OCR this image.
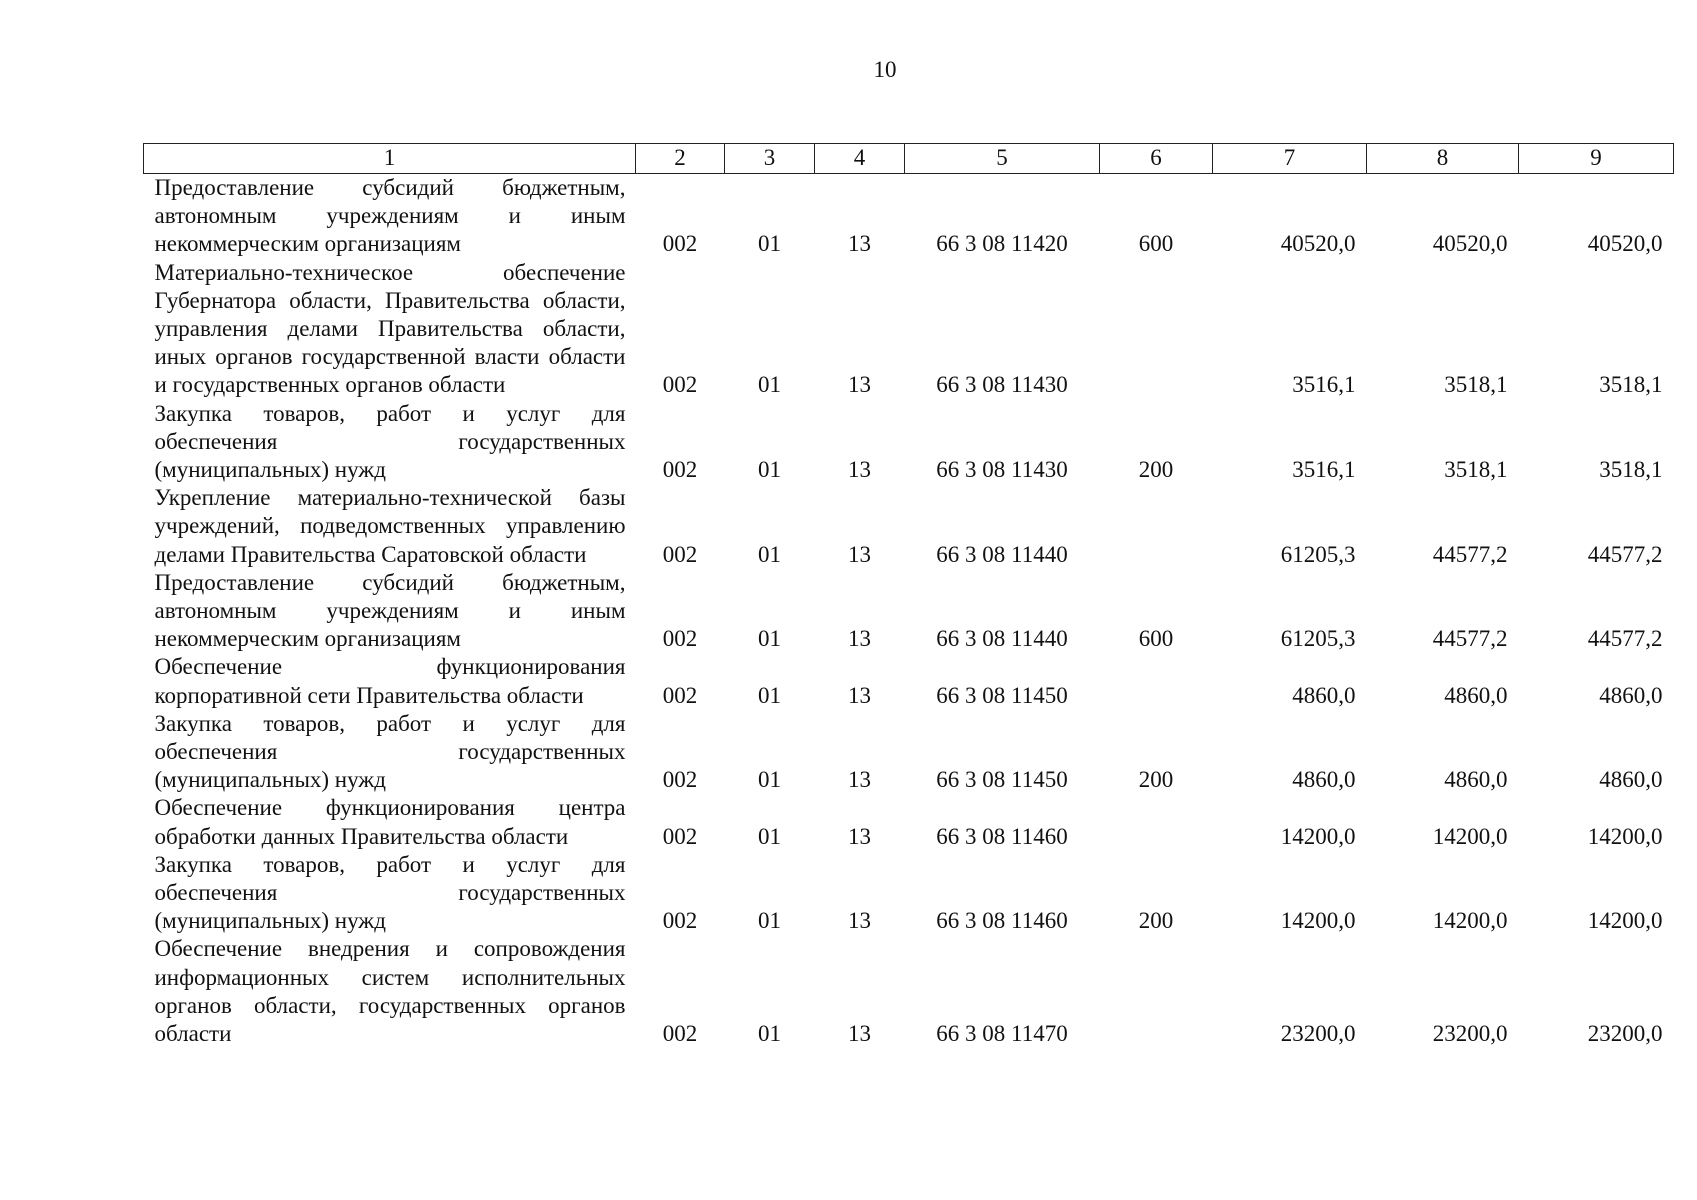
10
1	2	3	4	5	6	7	8	9
Предоставление субсидий бюджетным, автономным учреждениям и иным некоммерческим организациям	002	01	13	66 3 08 11420	600	40520,0	40520,0	40520,0
Материально-техническое обеспечение Губернатора области, Правительства области, управления делами Правительства области, иных органов государственной власти области и государственных органов области	002	01	13	66 3 08 11430		3516,1	3518,1	3518,1
Закупка товаров, работ и услуг для обеспечения государственных (муниципальных) нужд	002	01	13	66 3 08 11430	200	3516,1	3518,1	3518,1
Укрепление материально-технической базы учреждений, подведомственных управлению делами Правительства Саратовской области	002	01	13	66 3 08 11440		61205,3	44577,2	44577,2
Предоставление субсидий бюджетным, автономным учреждениям и иным некоммерческим организациям	002	01	13	66 3 08 11440	600	61205,3	44577,2	44577,2
Обеспечение функционирования корпоративной сети Правительства области	002	01	13	66 3 08 11450		4860,0	4860,0	4860,0
Закупка товаров, работ и услуг для обеспечения государственных (муниципальных) нужд	002	01	13	66 3 08 11450	200	4860,0	4860,0	4860,0
Обеспечение функционирования центра обработки данных Правительства области	002	01	13	66 3 08 11460		14200,0	14200,0	14200,0
Закупка товаров, работ и услуг для обеспечения государственных (муниципальных) нужд	002	01	13	66 3 08 11460	200	14200,0	14200,0	14200,0
Обеспечение внедрения и сопровождения информационных систем исполнительных органов области, государственных органов области	002	01	13	66 3 08 11470		23200,0	23200,0	23200,0
